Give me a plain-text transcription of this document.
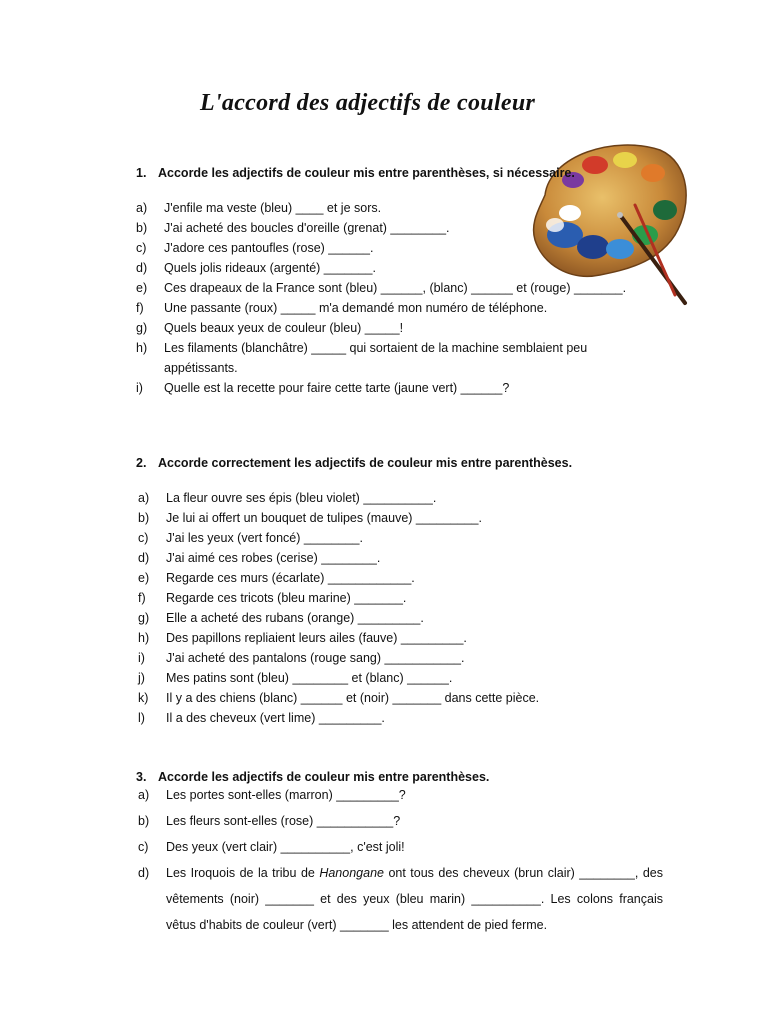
L'accord des adjectifs de couleur
1. Accorde les adjectifs de couleur mis entre parenthèses, si nécessaire.
a)	J'enfile ma veste (bleu) ____ et je sors.
b)	J'ai acheté des boucles d'oreille (grenat) ________.
c)	J'adore ces pantoufles (rose) ______.
d)	Quels jolis rideaux (argenté) _______.
e)	Ces drapeaux de la France sont (bleu) ______, (blanc) ______ et (rouge) _______.
f)	Une passante (roux) _____ m'a demandé mon numéro de téléphone.
g)	Quels beaux yeux de couleur (bleu) _____!
h)	Les filaments (blanchâtre) _____ qui sortaient de la machine semblaient peu appétissants.
i)	Quelle est la recette pour faire cette tarte (jaune vert) ______?
2. Accorde correctement les adjectifs de couleur mis entre parenthèses.
a)	La fleur ouvre ses épis (bleu violet) __________.
b)	Je lui ai offert un bouquet de tulipes (mauve) _________.
c)	J'ai les yeux (vert foncé) ________.
d)	J'ai aimé ces robes (cerise) ________.
e)	Regarde ces murs (écarlate) ____________.
f)	Regarde ces tricots (bleu marine) _______.
g)	Elle a acheté des rubans (orange) _________.
h)	Des papillons repliaient leurs ailes (fauve) _________.
i)	J'ai acheté des pantalons (rouge sang) ___________.
j)	Mes patins sont (bleu) ________ et (blanc) ______.
k)	Il y a des chiens (blanc) ______ et (noir) _______ dans cette pièce.
l)	Il a des cheveux (vert lime) _________.
3. Accorde les adjectifs de couleur mis entre parenthèses.
a)	Les portes sont-elles (marron) _________?
b)	Les fleurs sont-elles (rose) ___________?
c)	Des yeux (vert clair) __________, c'est joli!
d)	Les Iroquois de la tribu de Hanongane ont tous des cheveux (brun clair) ________, des vêtements (noir) _______ et des yeux (bleu marin) __________. Les colons français vêtus d'habits de couleur (vert) _______ les attendent de pied ferme.
